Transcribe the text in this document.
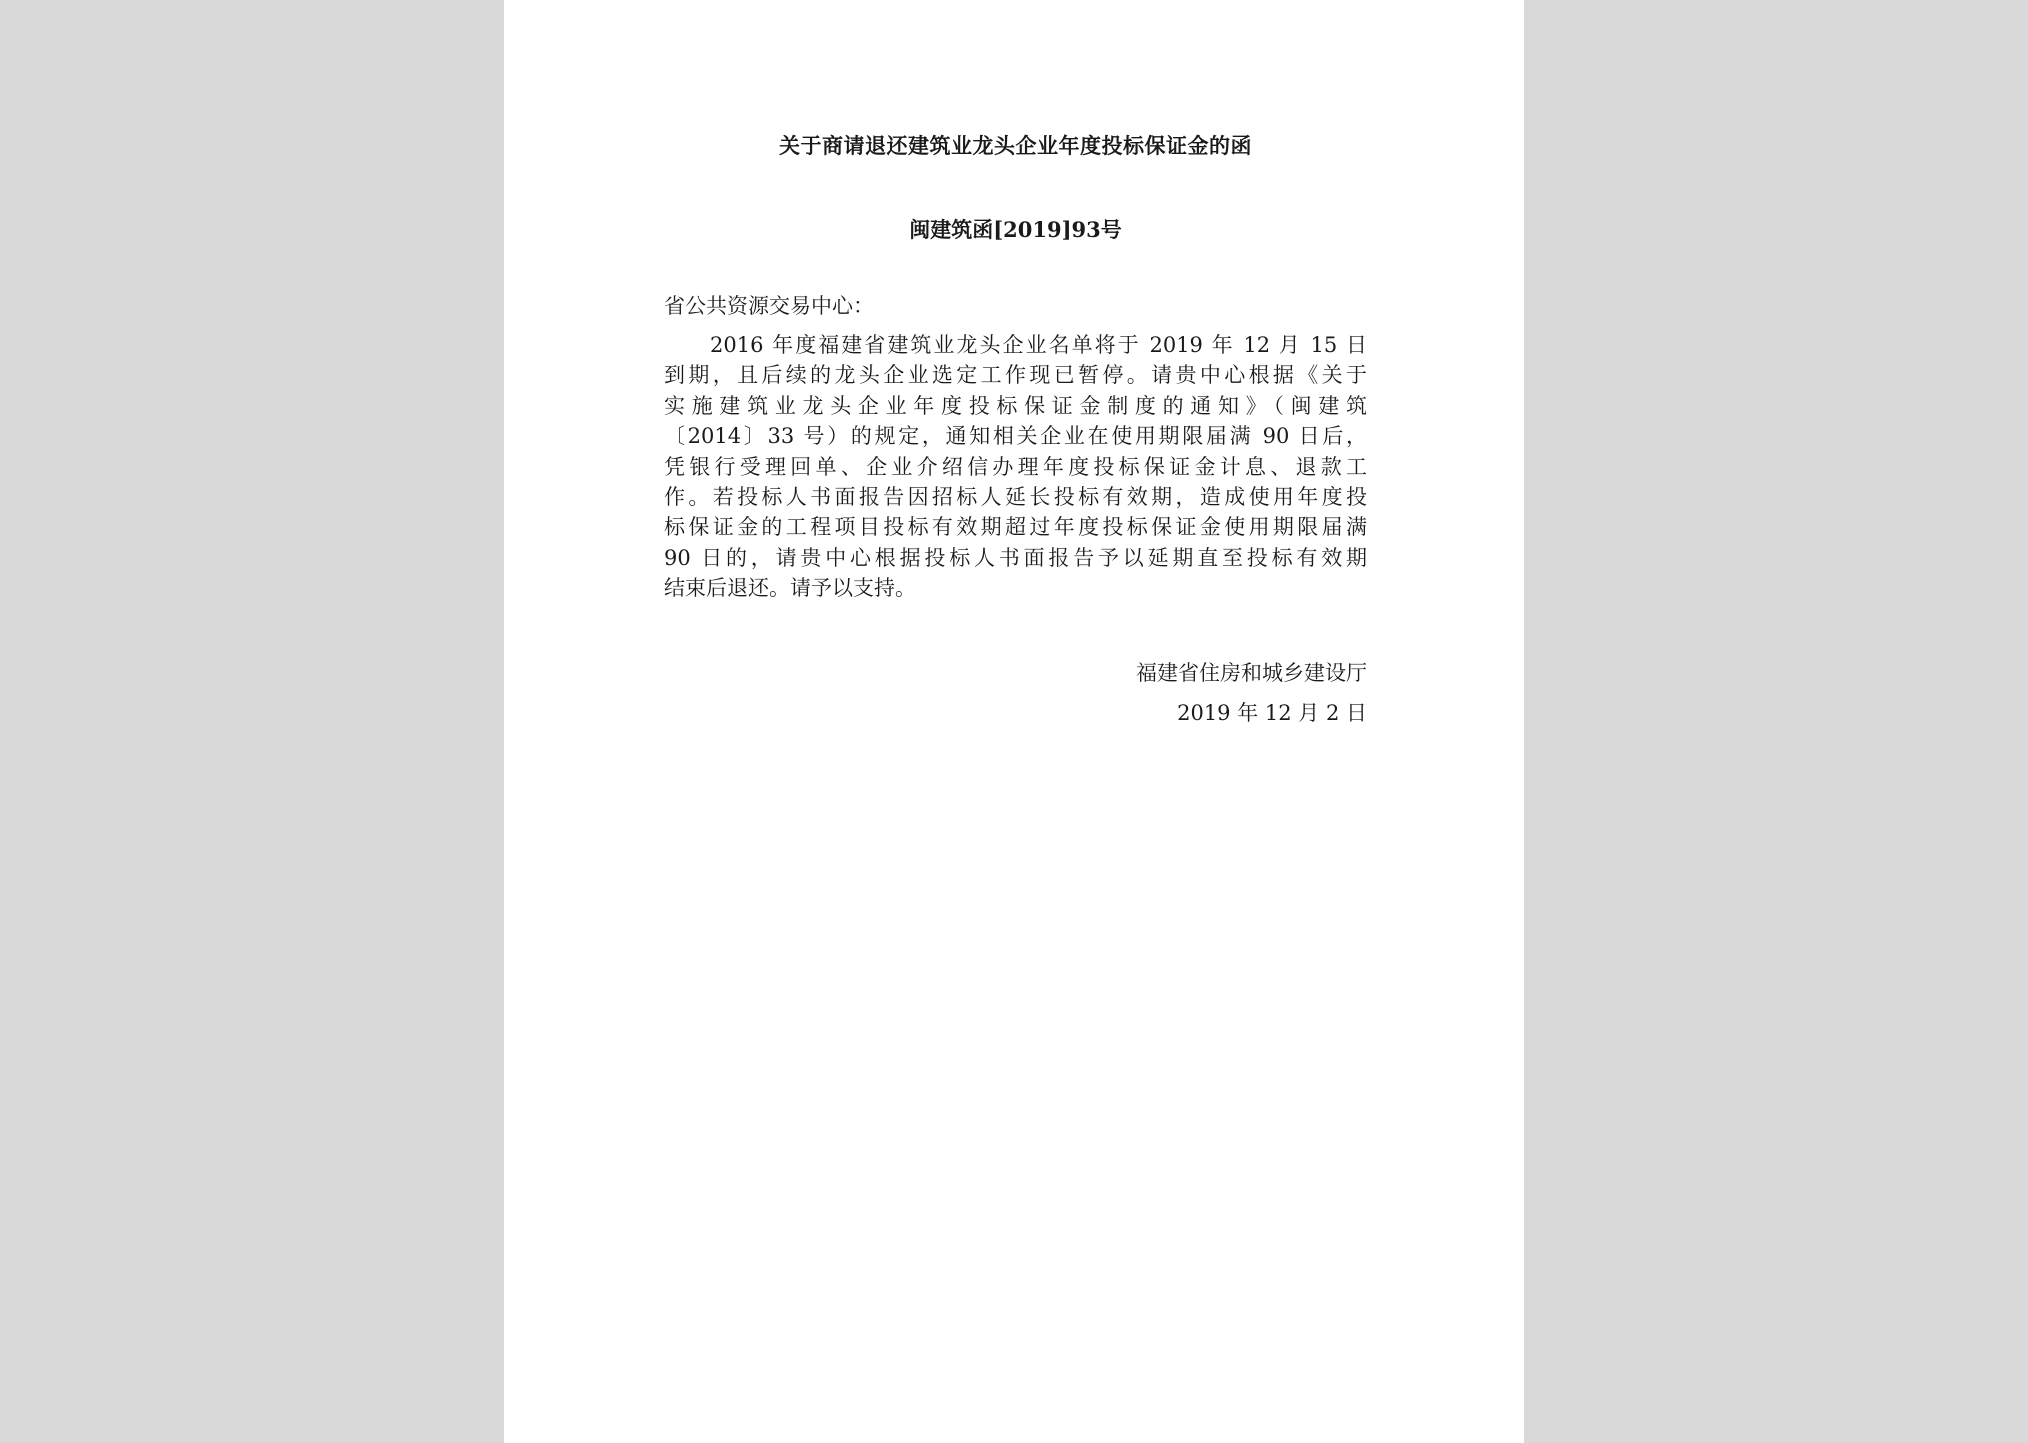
关于商请退还建筑业龙头企业年度投标保证金的函
闽建筑函[2019]93号
省公共资源交易中心：
2016 年度福建省建筑业龙头企业名单将于 2019 年 12 月 15 日
到期，且后续的龙头企业选定工作现已暂停。请贵中心根据《关于
实施建筑业龙头企业年度投标保证金制度的通知》（闽建筑
〔2014〕33 号）的规定，通知相关企业在使用期限届满 90 日后，
凭银行受理回单、企业介绍信办理年度投标保证金计息、退款工
作。若投标人书面报告因招标人延长投标有效期，造成使用年度投
标保证金的工程项目投标有效期超过年度投标保证金使用期限届满
90 日的，请贵中心根据投标人书面报告予以延期直至投标有效期
结束后退还。请予以支持。
福建省住房和城乡建设厅
2019 年 12 月 2 日
